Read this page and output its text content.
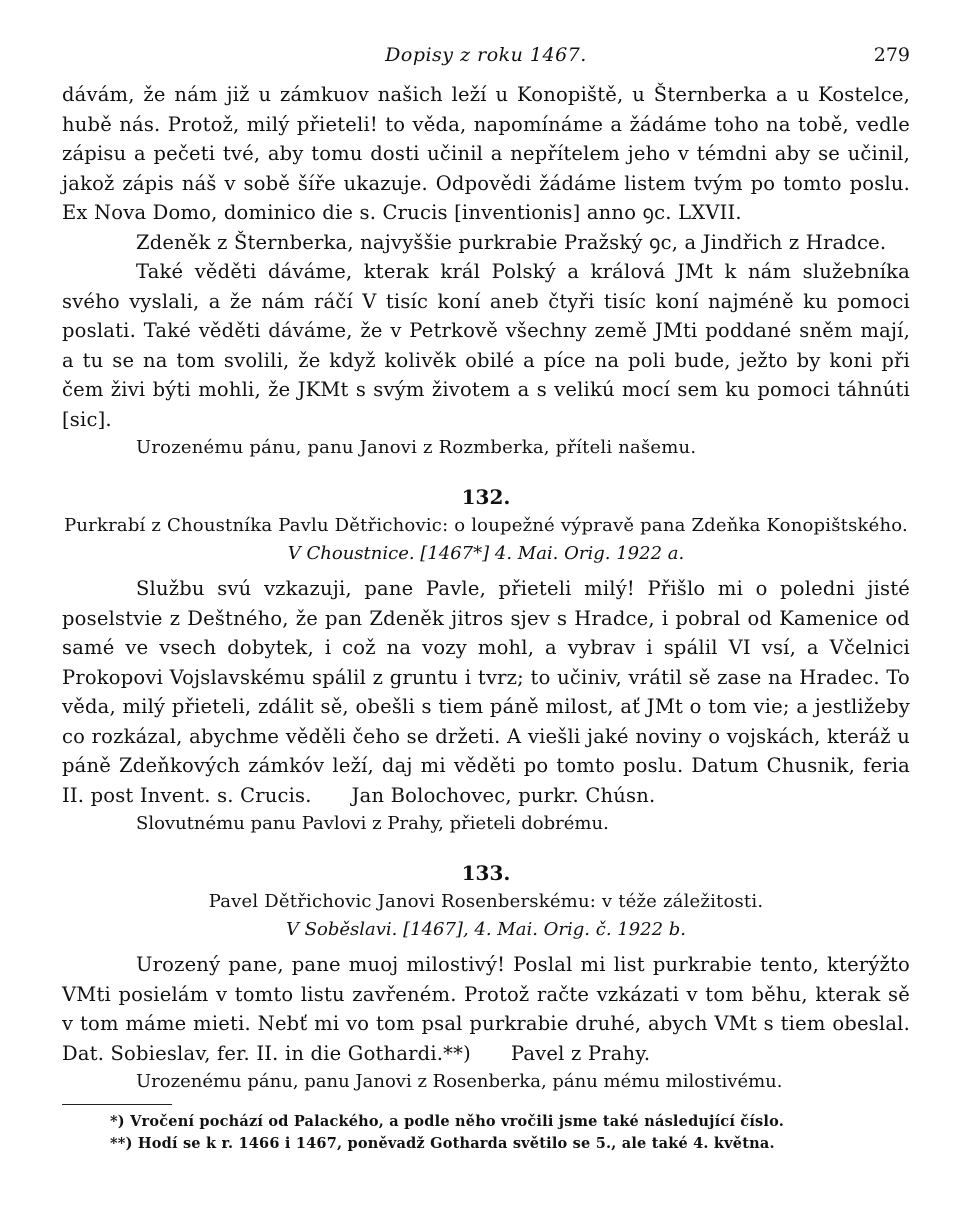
Dopisy z roku 1467.	279

dávám, že nám již u zámkuov našich leží u Konopiště, u Šternberka a u Kostelce, hubě nás. Protož, milý přieteli! to věda, napomínáme a žádáme toho na tobě, vedle zápisu a pečeti tvé, aby tomu dosti učinil a nepřítelem jeho v témdni aby se učinil, jakož zápis náš v sobě šíře ukazuje. Odpovědi žádáme listem tvým po tomto poslu. Ex Nova Domo, dominico die s. Crucis [inventionis] anno ꝯc. LXVII.

Zdeněk z Šternberka, najvyššie purkrabie Pražský ꝯc, a Jindřich z Hradce.

Také věděti dáváme, kterak král Polský a králová JMt k nám služebníka svého vyslali, a že nám ráčí V tisíc koní aneb čtyři tisíc koní najméně ku pomoci poslati. Také věděti dáváme, že v Petrkově všechny země JMti poddané sněm mají, a tu se na tom svolili, že když kolivěk obilé a píce na poli bude, ježto by koni při čem živi býti mohli, že JKMt s svým životem a s velikú mocí sem ku pomoci táhnúti [sic].

Urozenému pánu, panu Janovi z Rozmberka, příteli našemu.

132.
Purkrabí z Choustníka Pavlu Dětřichovic: o loupežné výpravě pana Zdeňka Konopištského.
V Choustnice. [1467*] 4. Mai. Orig. 1922 a.

Službu svú vzkazuji, pane Pavle, přieteli milý! Přišlo mi o poledni jisté poselstvie z Deštného, že pan Zdeněk jitros sjev s Hradce, i pobral od Kamenice od samé ve vsech dobytek, i což na vozy mohl, a vybrav i spálil VI vsí, a Včelnici Prokopovi Vojslavskému spálil z gruntu i tvrz; to učiniv, vrátil sě zase na Hradec. To věda, milý přieteli, zdálit sě, obešli s tiem páně milost, ať JMt o tom vie; a jestližeby co rozkázal, abychme věděli čeho se držeti. A viešli jaké noviny o vojskách, kteráž u páně Zdeňkových zámkóv leží, daj mi věděti po tomto poslu. Datum Chusnik, feria II. post Invent. s. Crucis. Jan Bolochovec, purkr. Chúsn.

Slovutnému panu Pavlovi z Prahy, přieteli dobrému.

133.
Pavel Dětřichovic Janovi Rosenberskému: v téže záležitosti.
V Soběslavi. [1467], 4. Mai. Orig. č. 1922 b.

Urozený pane, pane muoj milostivý! Poslal mi list purkrabie tento, kterýžto VMti posielám v tomto listu zavřeném. Protož račte vzkázati v tom běhu, kterak sě v tom máme mieti. Nebť mi vo tom psal purkrabie druhé, abych VMt s tiem obeslal. Dat. Sobieslav, fer. II. in die Gothardi.**) Pavel z Prahy.

Urozenému pánu, panu Janovi z Rosenberka, pánu mému milostivému.

*) Vročení pochází od Palackého, a podle něho vročili jsme také následující číslo.
**) Hodí se k r. 1466 i 1467, poněvadž Gotharda světilo se 5., ale také 4. května.
